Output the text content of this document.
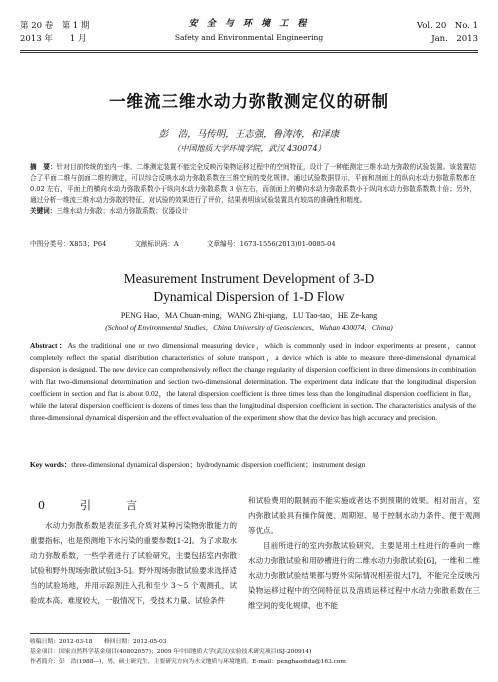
第 20 卷　第 1 期
2013 年　　1 月
安 全 与 环 境 工 程
Safety and Environmental Engineering
Vol. 20　No. 1
Jan.　2013
一维流三维水动力弥散测定仪的研制
彭　浩，马传明，王志强，鲁涛涛，和泽康
（中国地质大学环境学院，武汉 430074）
摘　要：针对目前传统的室内一维、二维测定装置不能完全反映污染物运移过程中的空间特征，设计了一种能测定三维水动力弥散的试验装置。该装置结合了平面二维与剖面二维的测定，可以综合反映水动力弥散系数在三维空间的变化规律。通过试验数据显示，平面和剖面上的纵向水动力弥散系数都在 0.02 左右，平面上的横向水动力弥散系数小于纵向水动力弥散系数 3 倍左右，而剖面上的横向水动力弥散系数小于纵向水动力弥散系数数十倍；另外，通过分析一维流三维水动力弥散的特征，对试验的效果进行了评价，结果表明该试验装置具有较高的准确性和精度。
关键词：三维水动力弥散；水动力弥散系数；仪器设计
中图分类号：X853；P64	文献标识码：A	文章编号：1673-1556(2013)01-0085-04
Measurement Instrument Development of 3-D
Dynamical Dispersion of 1-D Flow
PENG Hao，MA Chuan-ming，WANG Zhi-qiang，LU Tao-tao，HE Ze-kang
(School of Environmental Studies，China University of Geosciences，Wuhan 430074，China)
Abstract：As the traditional one or two dimensional measuring device，which is commonly used in indoor experiments at present，cannot completely reflect the spatial distribution characteristics of solute transport，a device which is able to measure three-dimensional dynamical dispersion is designed. The new device can comprehensively reflect the change regularity of dispersion coefficient in three dimensions in combination with flat two-dimensional determination and section two-dimensional determination. The experiment data indicate that the longitudinal dispersion coefficient in section and flat is about 0.02，the lateral dispersion coefficient is three times less than the longitudinal dispersion coefficient in flat，while the lateral dispersion coefficient is dozens of times less than the longitudinal dispersion coefficient in section. The characteristics analysis of the three-dimensional dynamical dispersion and the effect evaluation of the experiment show that the device has high accuracy and precision.
Key words：three-dimensional dynamical dispersion；hydrodynamic dispersion coefficient；instrument design
0　引　言

水动力弥散系数是表征多孔介质对某种污染物弥散能力的重要指标，也是预测地下水污染的重要参数[1-2]。为了求取水动力弥散系数，一些学者进行了试验研究，主要包括室内弥散试验和野外现场弥散试验[3-5]。野外现场弥散试验要求选择适当的试验场地，并用示踪剂注入孔和至少 3～5 个观测孔，试验成本高、难度较大，一般情况下，受技术力量、试验条件

和试验费用的限制而不能实施或者达不到预期的效果。相对而言，室内弥散试验具有操作简便、周期短、易于控制水动力条件、便于观测等优点。

目前所进行的室内弥散试验研究，主要是用土柱进行的垂向一维水动力弥散试验和用砂槽进行的二维水动力弥散试验[6]，一维和二维水动力弥散试验结果都与野外实际情况相差很大[7]，不能完全反映污染物运移过程中的空间特征以及溶质运移过程中水动力弥散系数在三维空间的变化规律，也不能

收稿日期：2012-03-18　　修回日期：2012-05-03
基金项目：国家自然科学基金项目(40802057)；2009 年中国地质大学(武汉)实验技术研究项目(SJ-200914)
作者简介：彭　浩(1988—)，男，硕士研究生，主要研究方向为水文地质与环境地质。E-mail：penghaodida@163.com
